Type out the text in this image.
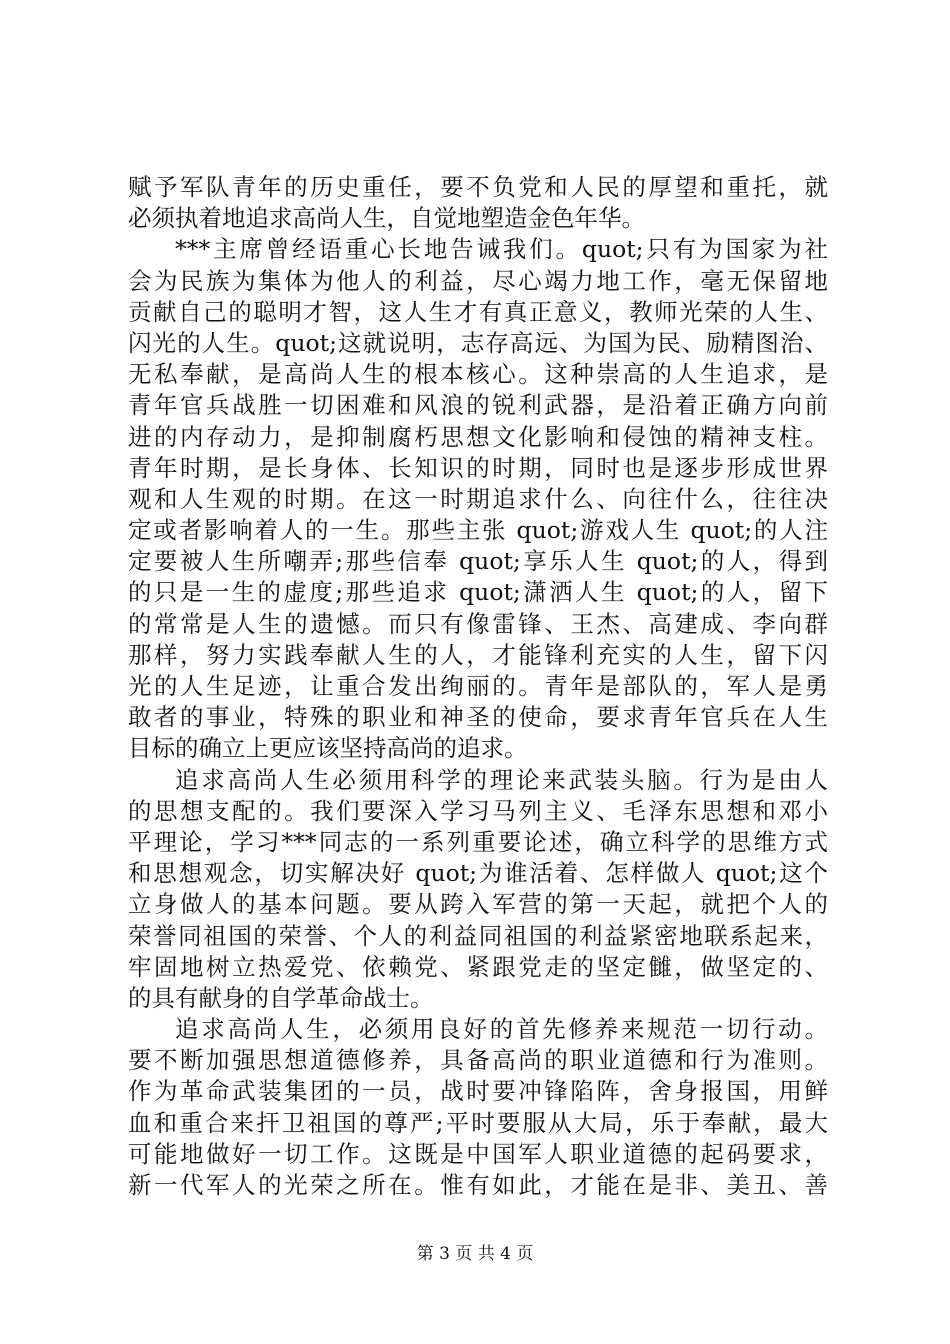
赋予军队青年的历史重任，要不负党和人民的厚望和重托，就
必须执着地追求高尚人生，自觉地塑造金色年华。
***主席曾经语重心长地告诫我们。quot;只有为国家为社
会为民族为集体为他人的利益，尽心竭力地工作，毫无保留地
贡献自己的聪明才智，这人生才有真正意义，教师光荣的人生、
闪光的人生。quot;这就说明，志存高远、为国为民、励精图治、
无私奉献，是高尚人生的根本核心。这种崇高的人生追求，是
青年官兵战胜一切困难和风浪的锐利武器，是沿着正确方向前
进的内存动力，是抑制腐朽思想文化影响和侵蚀的精神支柱。
青年时期，是长身体、长知识的时期，同时也是逐步形成世界
观和人生观的时期。在这一时期追求什么、向往什么，往往决
定或者影响着人的一生。那些主张 quot;游戏人生 quot;的人注
定要被人生所嘲弄;那些信奉 quot;享乐人生 quot;的人，得到
的只是一生的虚度;那些追求 quot;潇洒人生 quot;的人，留下
的常常是人生的遗憾。而只有像雷锋、王杰、高建成、李向群
那样，努力实践奉献人生的人，才能锋利充实的人生，留下闪
光的人生足迹，让重合发出绚丽的。青年是部队的，军人是勇
敢者的事业，特殊的职业和神圣的使命，要求青年官兵在人生
目标的确立上更应该坚持高尚的追求。
追求高尚人生必须用科学的理论来武装头脑。行为是由人
的思想支配的。我们要深入学习马列主义、毛泽东思想和邓小
平理论，学习***同志的一系列重要论述，确立科学的思维方式
和思想观念，切实解决好 quot;为谁活着、怎样做人 quot;这个
立身做人的基本问题。要从跨入军营的第一天起，就把个人的
荣誉同祖国的荣誉、个人的利益同祖国的利益紧密地联系起来，
牢固地树立热爱党、依赖党、紧跟党走的坚定雠，做坚定的、
的具有献身的自学革命战士。
追求高尚人生，必须用良好的首先修养来规范一切行动。
要不断加强思想道德修养，具备高尚的职业道德和行为准则。
作为革命武装集团的一员，战时要冲锋陷阵，舍身报国，用鲜
血和重合来扞卫祖国的尊严;平时要服从大局，乐于奉献，最大
可能地做好一切工作。这既是中国军人职业道德的起码要求，
新一代军人的光荣之所在。惟有如此，才能在是非、美丑、善
第 3 页 共 4 页
